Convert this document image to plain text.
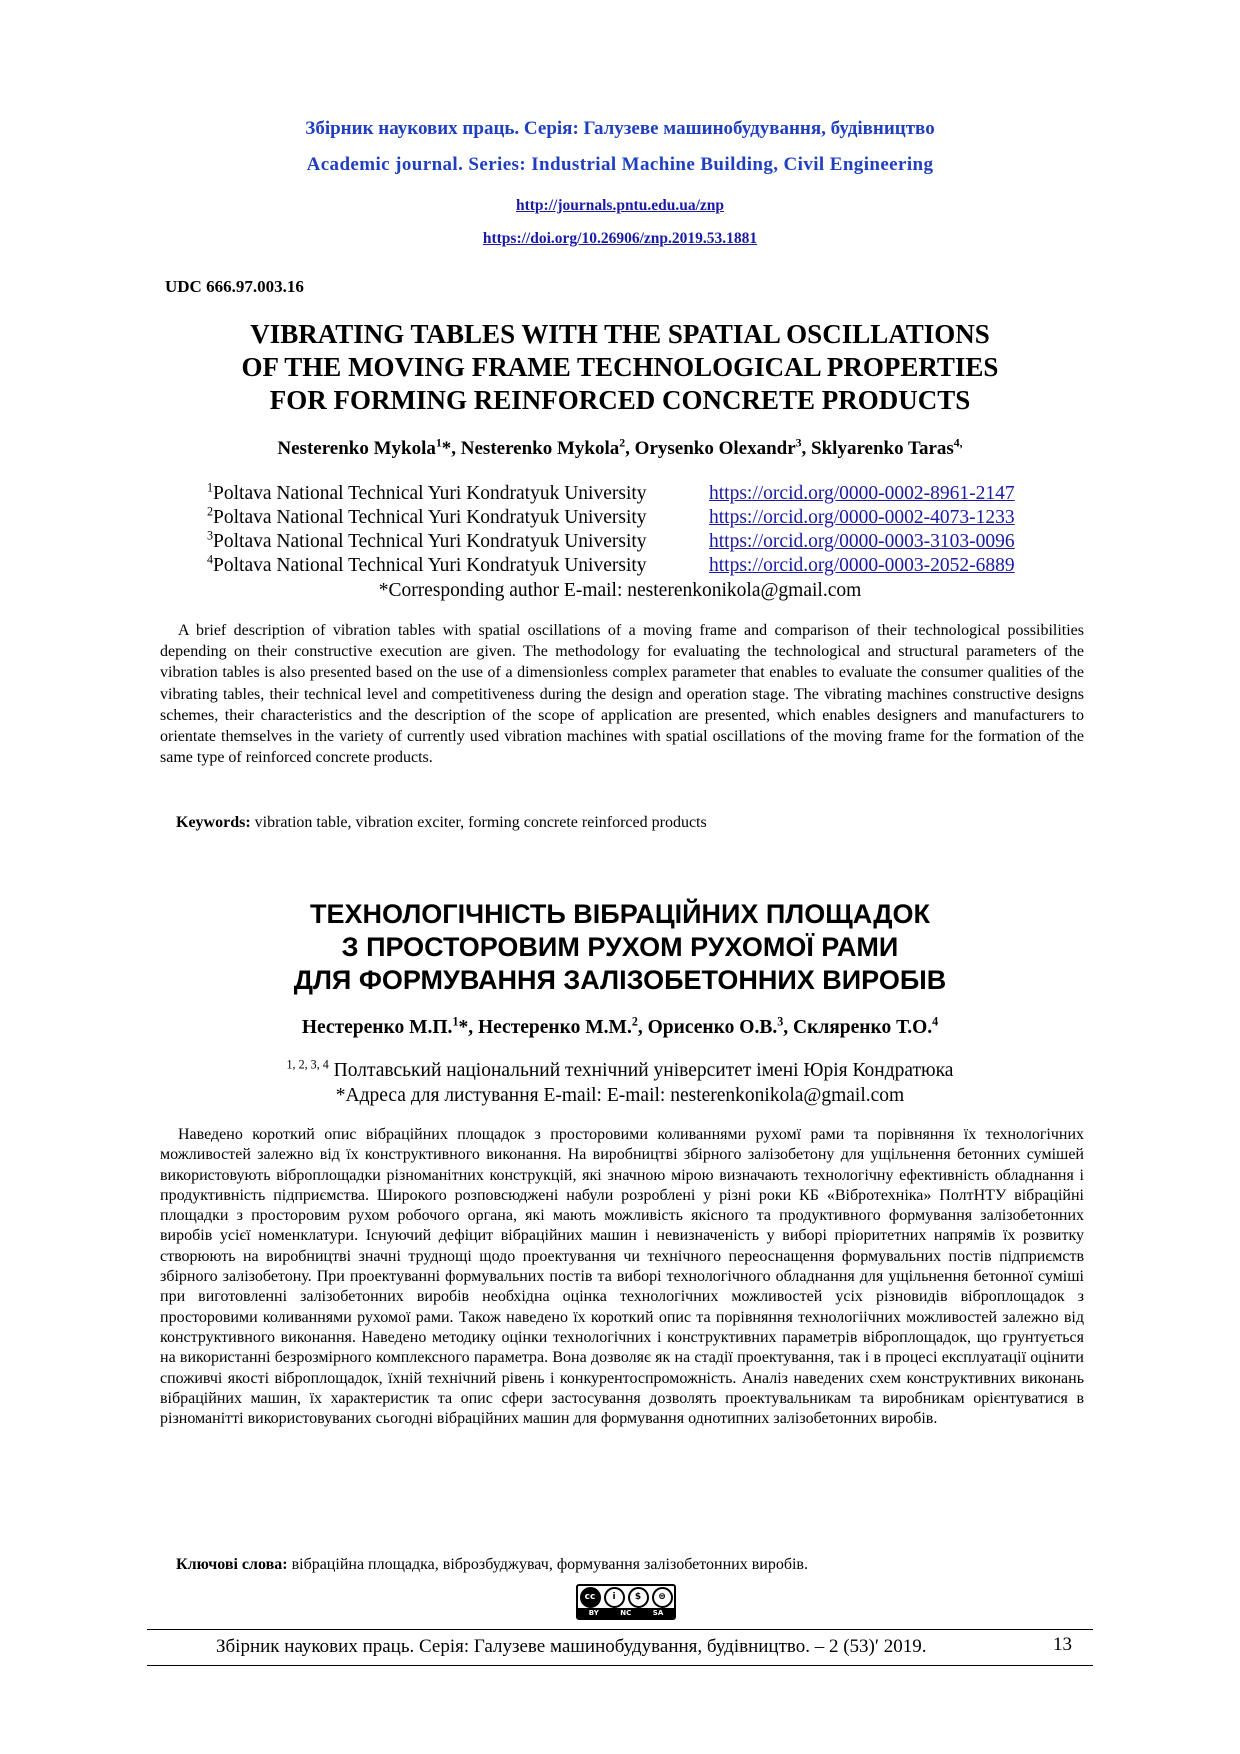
Збірник наукових праць. Серія: Галузеве машинобудування, будівництво
Academic journal. Series: Industrial Machine Building, Civil Engineering
http://journals.pntu.edu.ua/znp
https://doi.org/10.26906/znp.2019.53.1881
UDC 666.97.003.16
VIBRATING TABLES WITH THE SPATIAL OSCILLATIONS
OF THE MOVING FRAME TECHNOLOGICAL PROPERTIES
FOR FORMING REINFORCED CONCRETE PRODUCTS
Nesterenko Mykola$^1$*, Nesterenko Mykola$^2$, Orysenko Olexandr$^3$, Sklyarenko Taras$^{4,}$
$^1$Poltava National Technical Yuri Kondratyuk University	https://orcid.org/0000-0002-8961-2147
$^2$Poltava National Technical Yuri Kondratyuk University	https://orcid.org/0000-0002-4073-1233
$^3$Poltava National Technical Yuri Kondratyuk University	https://orcid.org/0000-0003-3103-0096
$^4$Poltava National Technical Yuri Kondratyuk University	https://orcid.org/0000-0003-2052-6889
*Corresponding author E-mail: nesterenkonikola@gmail.com
A brief description of vibration tables with spatial oscillations of a moving frame and comparison of their technological possibilities depending on their constructive execution are given. The methodology for evaluating the technological and structural parameters of the vibration tables is also presented based on the use of a dimensionless complex parameter that enables to evaluate the consumer qualities of the vibrating tables, their technical level and competitiveness during the design and operation stage. The vibrating machines constructive designs schemes, their characteristics and the description of the scope of application are presented, which enables designers and manufacturers to orientate themselves in the variety of currently used vibration machines with spatial oscillations of the moving frame for the formation of the same type of reinforced concrete products.
Keywords: vibration table, vibration exciter, forming concrete reinforced products
ТЕХНОЛОГІЧНІСТЬ ВІБРАЦІЙНИХ ПЛОЩАДОК
З ПРОСТОРОВИМ РУХОМ РУХОМОЇ РАМИ
ДЛЯ ФОРМУВАННЯ ЗАЛІЗОБЕТОННИХ ВИРОБІВ
Нестеренко М.П.$^1$*, Нестеренко М.М.$^2$, Орисенко О.В.$^3$, Скляренко Т.О.$^4$
$^{1, 2, 3, 4}$ Полтавський національний технічний університет імені Юрія Кондратюка
*Адреса для листування E-mail: E-mail: nesterenkonikola@gmail.com
Наведено короткий опис вібраційних площадок з просторовими коливаннями рухомї рами та порівняння їх технологічних можливостей залежно від їх конструктивного виконання. На виробництві збірного залізобетону для ущільнення бетонних сумішей використовують віброплощадки різноманітних конструкцій, які значною мірою визначають технологічну ефективність обладнання і продуктивність підприємства. Широкого розповсюджені набули розроблені у різні роки КБ «Вібротехніка» ПолтНТУ вібраційні площадки з просторовим рухом робочого органа, які мають можливість якісного та продуктивного формування залізобетонних виробів усієї номенклатури. Існуючий дефіцит вібраційних машин і невизначеність у виборі пріоритетних напрямів їх розвитку створюють на виробництві значні труднощі щодо проектування чи технічного переоснащення формувальних постів підприємств збірного залізобетону. При проектуванні формувальних постів та виборі технологічного обладнання для ущільнення бетонної суміші при виготовленні залізобетонних виробів необхідна оцінка технологічних можливостей усіх різновидів віброплощадок з просторовими коливаннями рухомої рами. Також наведено їх короткий опис та порівняння технологіічних можливостей залежно від конструктивного виконання. Наведено методику оцінки технологічних і конструктивних параметрів віброплощадок, що грунтується на використанні безрозмірного комплексного параметра. Вона дозволяє як на стадії проектування, так і в процесі експлуатації оцінити споживчі якості віброплощадок, їхній технічний рівень і конкурентоспроможність. Аналіз наведених схем конструктивних виконань вібраційних машин, їх характеристик та опис сфери застосування дозволять проектувальникам та виробникам орієнтуватися в різноманітті використовуваних сьогодні вібраційних машин для формування однотипних залізобетонних виробів.
Ключові слова: вібраційна площадка, віброзбуджувач, формування залізобетонних виробів.
cc	i	$	⊜
BY	NC	SA
Збірник наукових праць. Серія: Галузеве машинобудування, будівництво. – 2 (53)′ 2019.	13
